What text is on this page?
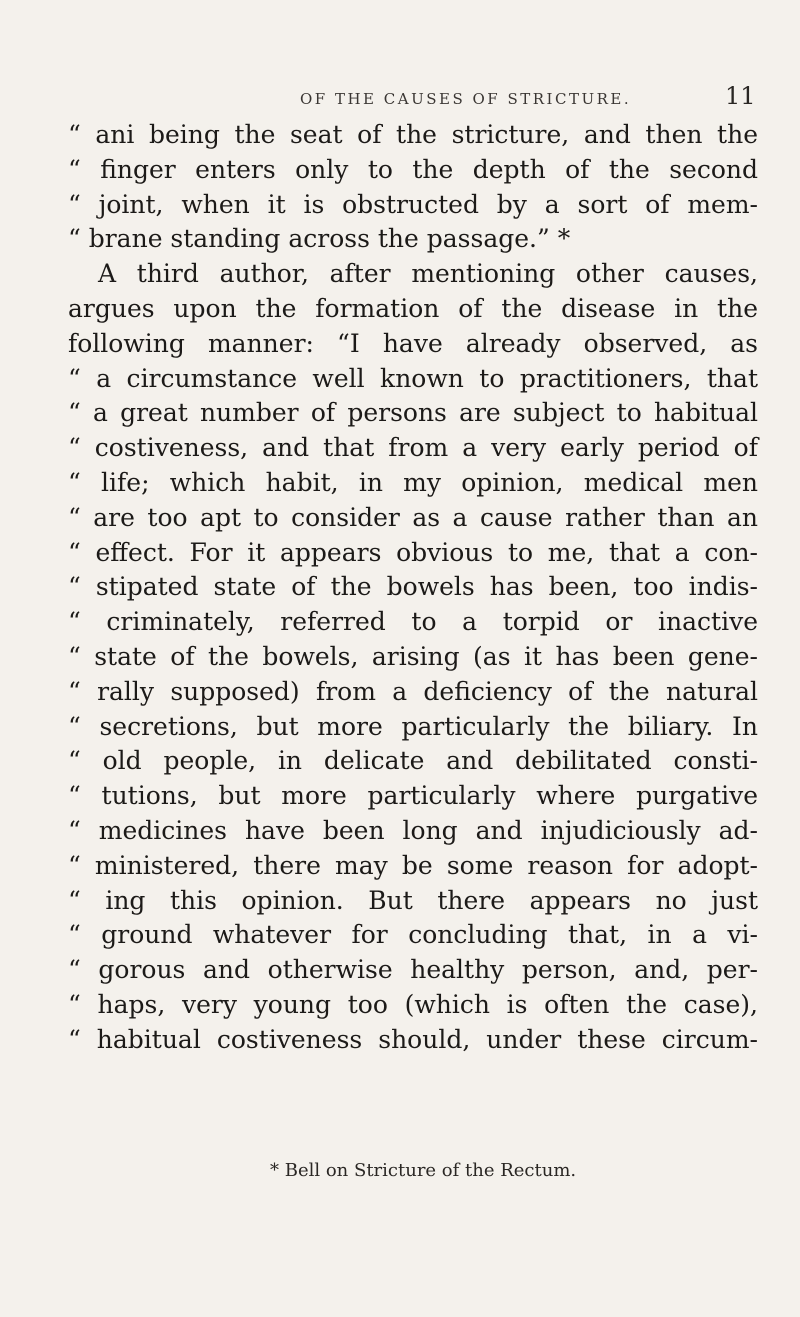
OF THE CAUSES OF STRICTURE.	11
“ ani being the seat of the stricture, and then the
“ finger enters only to the depth of the second
“ joint, when it is obstructed by a sort of mem-
“ brane standing across the passage.” *
A third author, after mentioning other causes,
argues upon the formation of the disease in the
following manner: “I have already observed, as
“ a circumstance well known to practitioners, that
“ a great number of persons are subject to habitual
“ costiveness, and that from a very early period of
“ life; which habit, in my opinion, medical men
“ are too apt to consider as a cause rather than an
“ effect. For it appears obvious to me, that a con-
“ stipated state of the bowels has been, too indis-
“ criminately, referred to a torpid or inactive
“ state of the bowels, arising (as it has been gene-
“ rally supposed) from a deficiency of the natural
“ secretions, but more particularly the biliary. In
“ old people, in delicate and debilitated consti-
“ tutions, but more particularly where purgative
“ medicines have been long and injudiciously ad-
“ ministered, there may be some reason for adopt-
“ ing this opinion. But there appears no just
“ ground whatever for concluding that, in a vi-
“ gorous and otherwise healthy person, and, per-
“ haps, very young too (which is often the case),
“ habitual costiveness should, under these circum-
* Bell on Stricture of the Rectum.
